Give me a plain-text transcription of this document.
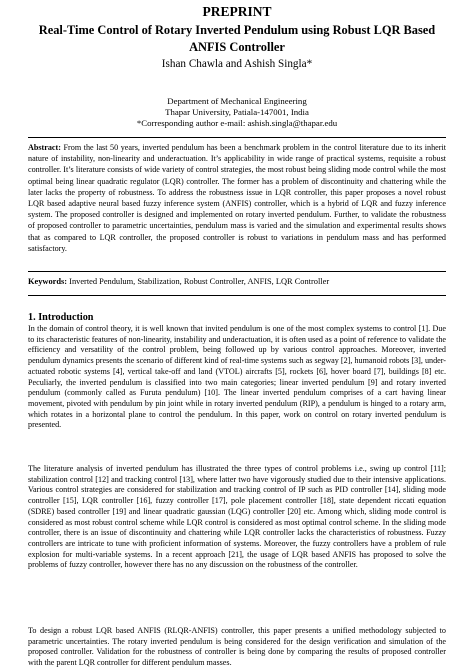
PREPRINT
Real-Time Control of Rotary Inverted Pendulum using Robust LQR Based
ANFIS Controller
Ishan Chawla and Ashish Singla*
Department of Mechanical Engineering
Thapar University, Patiala-147001, India
*Corresponding author e-mail: ashish.singla@thapar.edu
Abstract: From the last 50 years, inverted pendulum has been a benchmark problem in the control literature due to its inherit nature of instability, non-linearity and underactuation. It’s applicability in wide range of practical systems, requisite a robust controller. It’s literature consists of wide variety of control strategies, the most robust being sliding mode control while the most optimal being linear quadratic regulator (LQR) controller. The former has a problem of discontinuity and chattering while the later lacks the property of robustness. To address the robustness issue in LQR controller, this paper proposes a novel robust LQR based adaptive neural based fuzzy inference system (ANFIS) controller, which is a hybrid of LQR and fuzzy inference system. The proposed controller is designed and implemented on rotary inverted pendulum. Further, to validate the robustness of proposed controller to parametric uncertainties, pendulum mass is varied and the simulation and experimental results shows that as compared to LQR controller, the proposed controller is robust to variations in pendulum mass and has performed satisfactory.
Keywords: Inverted Pendulum, Stabilization, Robust Controller, ANFIS, LQR Controller
1. Introduction
In the domain of control theory, it is well known that invited pendulum is one of the most complex systems to control [1]. Due to its characteristic features of non-linearity, instability and underactuation, it is often used as a point of reference to validate the efficiency and versatility of the control problem, being followed up by various control approaches. Moreover, inverted pendulum dynamics presents the scenario of different kind of real-time systems such as segway [2], humanoid robots [3], under-actuated robotic systems [4], vertical take-off and land (VTOL) aircrafts [5], rockets [6], hover board [7], buildings [8] etc. Peculiarly, the inverted pendulum is classified into two main categories; linear inverted pendulum [9] and rotary inverted pendulum (commonly called as Furuta pendulum) [10]. The linear inverted pendulum comprises of a cart having linear movement, pivoted with pendulum by pin joint while in rotary inverted pendulum (RIP), a pendulum is hinged to a rotary arm, which rotates in a horizontal plane to control the pendulum. In this paper, work on control on rotary inverted pendulum is presented.
The literature analysis of inverted pendulum has illustrated the three types of control problems i.e., swing up control [11]; stabilization control [12] and tracking control [13], where latter two have vigorously studied due to their intensive applications. Various control strategies are considered for stabilization and tracking control of IP such as PID controller [14], sliding mode controller [15], LQR controller [16], fuzzy controller [17], pole placement controller [18], state dependent riccati equation (SDRE) based controller [19] and linear quadratic gaussian (LQG) controller [20] etc. Among which, sliding mode control is considered as most robust control scheme while LQR control is considered as most optimal control scheme. In the sliding mode controller, there is an issue of discontinuity and chattering while LQR controller lacks the characteristics of robustness. Fuzzy controllers are intricate to tune with proficient information of systems. Moreover, the fuzzy controllers have a problem of rule explosion for multi-variable systems. In a recent approach [21], the usage of LQR based ANFIS has proposed to solve the problems of fuzzy controller, however there has no any discussion on the robustness of the controller.
To design a robust LQR based ANFIS (RLQR-ANFIS) controller, this paper presents a unified methodology subjected to parametric uncertainties. The rotary inverted pendulum is being considered for the design verification and simulation of the proposed controller. Validation for the robustness of controller is being done by comparing the results of proposed controller with the parent LQR controller for different pendulum masses.
